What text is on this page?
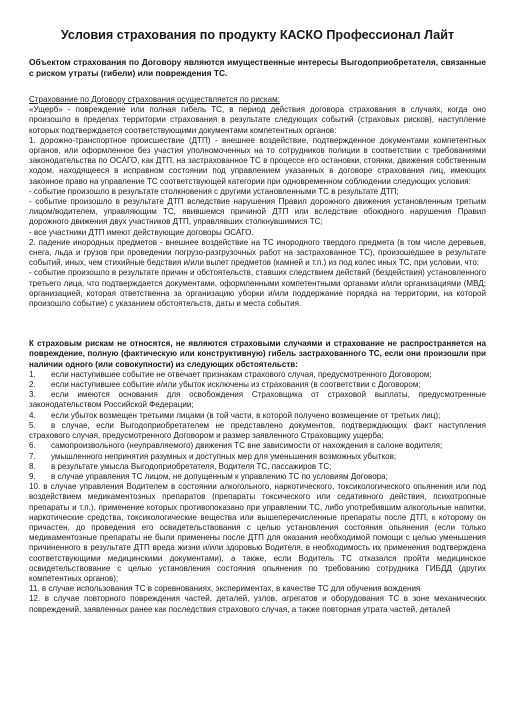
Условия страхования по продукту КАСКО Профессионал Лайт
Объектом страхования по Договору являются имущественные интересы Выгодоприобретателя, связанные с риском утраты (гибели) или повреждения ТС.

Страхование по Договору страхования осуществляется по рискам:

«Ущерб» - повреждение или полная гибель ТС, в период действия договора страхования в случаях, когда оно произошло в пределах территории страхования в результате следующих событий (страховых рисков), наступление которых подтверждается соответствующими документами компетентных органов:

1. дорожно-транспортное происшествие (ДТП) - внешнее воздействие, подтвержденное документами компетентных органов, или оформленное без участия уполномоченных на то сотрудников полиции в соответствии с требованиями законодательства по ОСАГО, как ДТП, на застрахованное ТС в процессе его остановки, стоянки, движения собственным ходом, находящееся в исправном состоянии под управлением указанных в договоре страхования лиц, имеющих законное право на управление ТС соответствующей категории при одновременном соблюдении следующих условия:

- событие произошло в результате столкновения с другими установленными ТС в результате ДТП;

- событие произошло в результате ДТП вследствие нарушения Правил дорожного движения установленным третьим лицом/водителем, управляющим ТС, явившемся причиной ДТП или вследствие обоюдного нарушения Правил дорожного движения двух участников ДТП, управлявших столкнувшимися ТС;

- все участники ДТП имеют действующие договоры ОСАГО.

2. падение инородных предметов - внешнее воздействие на ТС инородного твердого предмета (в том числе деревьев, снега, льда и грузов при проведении погрузо-разгрузочных работ на застрахованное ТС), произошедшее в результате событий, иных, чем стихийные бедствия и/или вылет предметов (камней и т.п.) из под колес иных ТС, при условии, что:

- событие произошло в результате причин и обстоятельств, ставших следствием действий (бездействия) установленного третьего лица, что подтверждается документами, оформленными компетентными органами и/или организациями (МВД; организацией, которая ответственна за организацию уборки и/или поддержание порядка на территории, на которой произошло событие) с указанием обстоятельств, даты и места события.

К страховым рискам не относятся, не являются страховыми случаями и страхование не распространяется на повреждение, полную (фактическую или конструктивную) гибель застрахованного ТС, если они произошли при наличии одного (или совокупности) из следующих обстоятельств:

1. если наступившее событие не отвечает признакам страхового случая, предусмотренного Договором;

2. если наступившее событие и/или убыток исключены из страхования (в соответствии с Договором;

3. если имеются основания для освобождения Страховщика от страховой выплаты, предусмотренные законодательством Российской Федерации;

4. если убыток возмещен третьими лицами (в той части, в которой получено возмещение от третьих лиц);

5. в случае, если Выгодоприобретателем не представлено документов, подтверждающих факт наступления страхового случая, предусмотренного Договором и размер заявленного Страховщику ущерба;

6. самопроизвольного (неуправляемого) движения ТС вне зависимости от нахождения в салоне водителя;

7. умышленного непринятия разумных и доступных мер для уменьшения возможных убытков;

8. в результате умысла Выгодоприобретателя, Водителя ТС, пассажиров ТС;

9. в случае управления ТС лицом, не допущенным к управлению ТС по условиям Договора;

10. в случае управления Водителем в состоянии алкогольного, наркотического, токсикологического опьянения или под воздействием медикаментозных препаратов (препараты токсического или седативного действия, психотропные препараты и т.п.), применение которых противопоказано при управлении ТС, либо употребившим алкогольные напитки, наркотические средства, токсикологические вещества или вышеперечисленные препараты после ДТП, к которому он причастен, до проведения его освидетельствования с целью установления состояния опьянения (если только медикаментозные препараты не были применены после ДТП для оказания необходимой помощи с целью уменьшения причиненного в результате ДТП вреда жизни и/или здоровью Водителя, в необходимость их применения подтверждена соответствующими медицинскими документами), а также, если Водитель ТС отказался пройти медицинское освидетельствование с целью установления состояния опьянения по требованию сотрудника ГИБДД (других компетентных органов);

11. в случае использования ТС в соревнованиях, экспериментах, в качестве ТС для обучения вождения

12. в случае повторного повреждения частей, деталей, узлов, агрегатов и оборудования ТС в зоне механических повреждений, заявленных ранее как последствия страхового случая, а также повторная утрата частей, деталей
